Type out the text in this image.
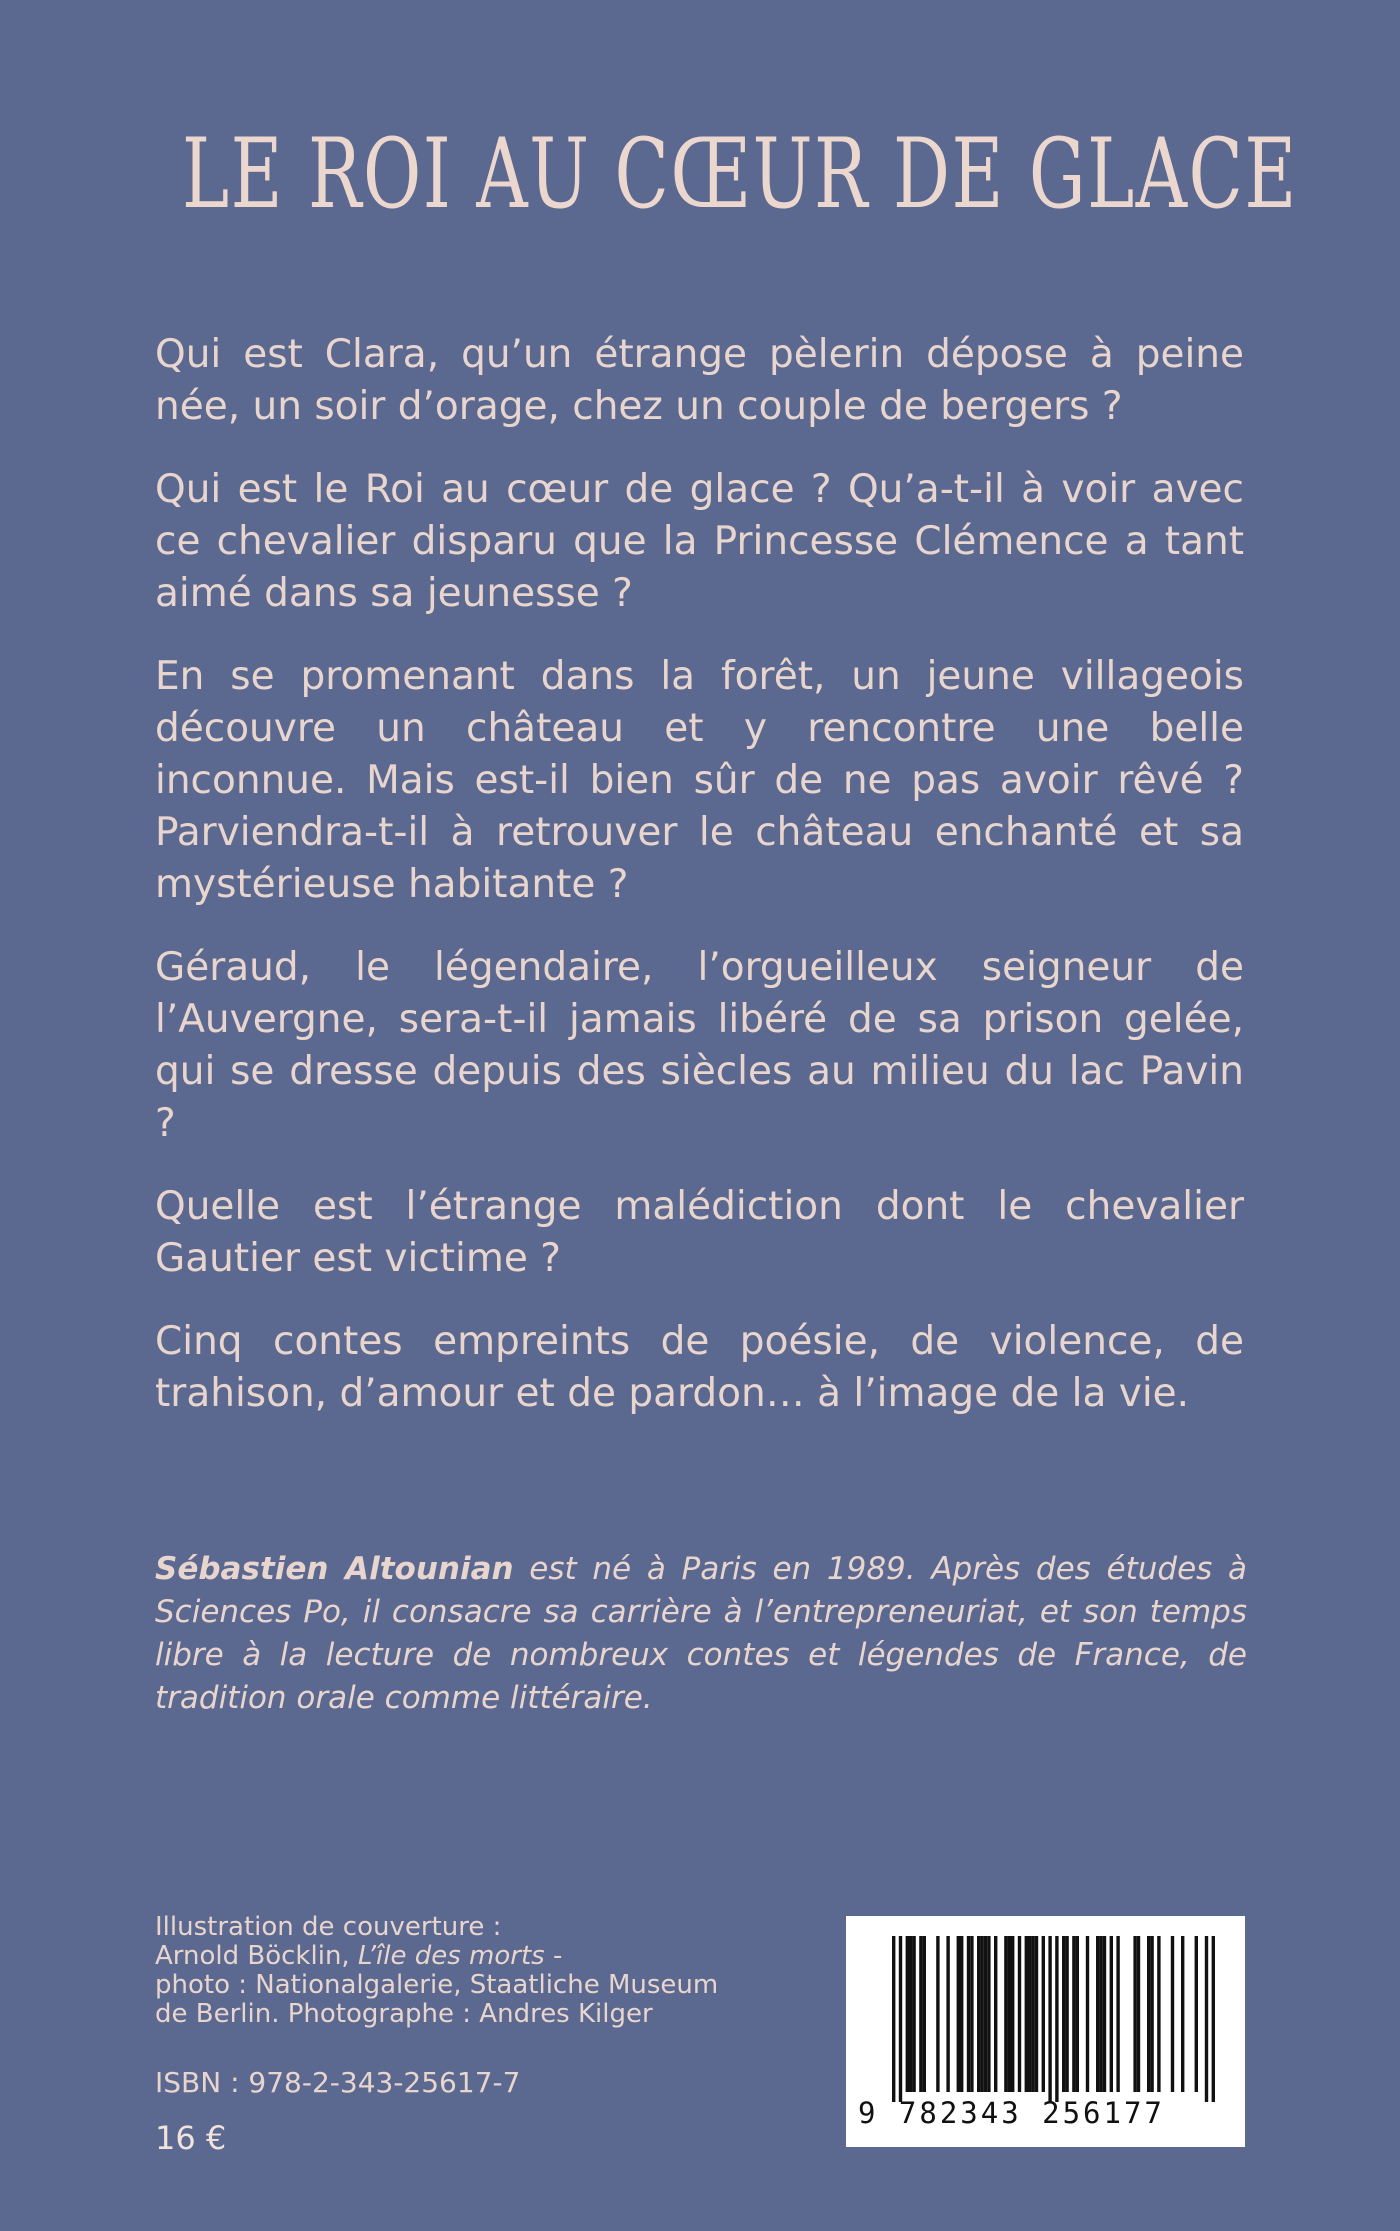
LE ROI AU CŒUR DE GLACE

Qui est Clara, qu’un étrange pèlerin dépose à peine née, un soir d’orage, chez un couple de bergers ?

Qui est le Roi au cœur de glace ? Qu’a-t-il à voir avec ce chevalier disparu que la Princesse Clémence a tant aimé dans sa jeunesse ?

En se promenant dans la forêt, un jeune villageois découvre un château et y rencontre une belle inconnue. Mais est-il bien sûr de ne pas avoir rêvé ? Parviendra-t-il à retrouver le château enchanté et sa mystérieuse habitante ?

Géraud, le légendaire, l’orgueilleux seigneur de l’Auvergne, sera-t-il jamais libéré de sa prison gelée, qui se dresse depuis des siècles au milieu du lac Pavin ?

Quelle est l’étrange malédiction dont le chevalier Gautier est victime ?

Cinq contes empreints de poésie, de violence, de trahison, d’amour et de pardon… à l’image de la vie.

Sébastien Altounian est né à Paris en 1989. Après des études à Sciences Po, il consacre sa carrière à l’entrepreneuriat, et son temps libre à la lecture de nombreux contes et légendes de France, de tradition orale comme littéraire.

Illustration de couverture :
Arnold Böcklin, L’île des morts -
photo : Nationalgalerie, Staatliche Museum
de Berlin. Photographe : Andres Kilger
ISBN : 978-2-343-25617-7
16 €
9 782343 256177
